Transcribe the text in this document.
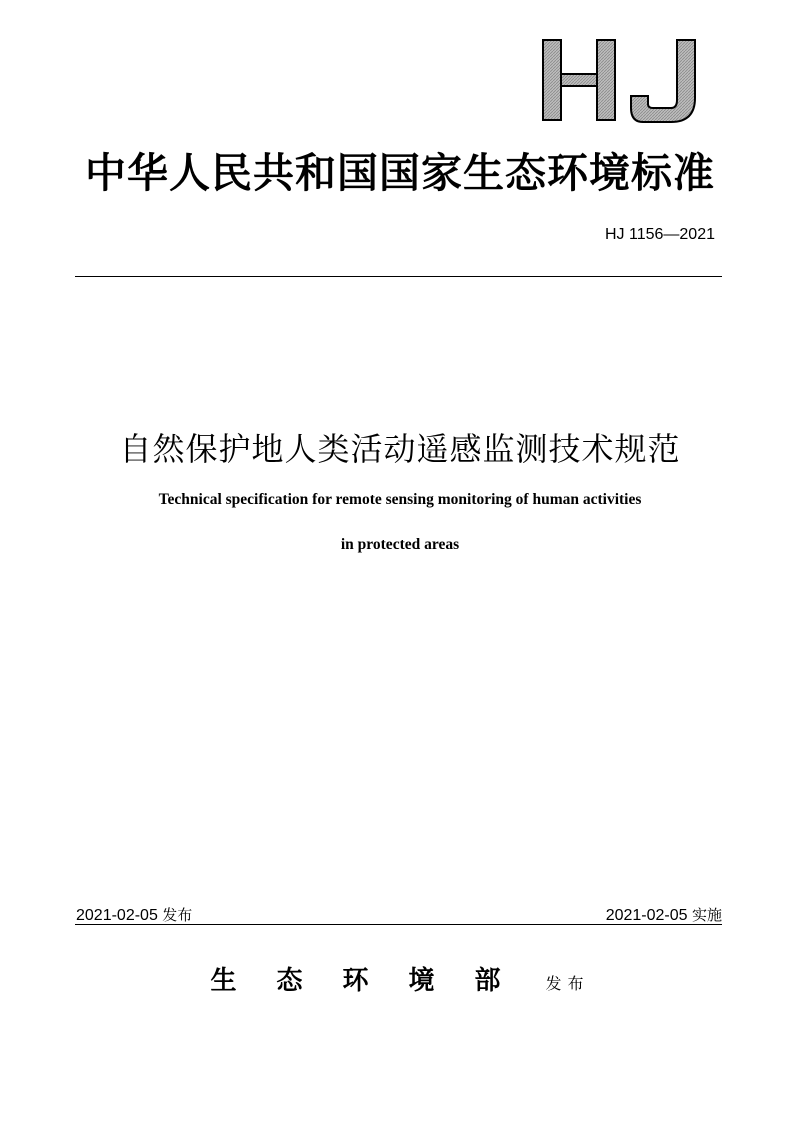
中华人民共和国国家生态环境标准
HJ 1156—2021
自然保护地人类活动遥感监测技术规范
Technical specification for remote sensing monitoring of human activities
in protected areas
2021-02-05 发布	2021-02-05 实施
生态环境部 发布
